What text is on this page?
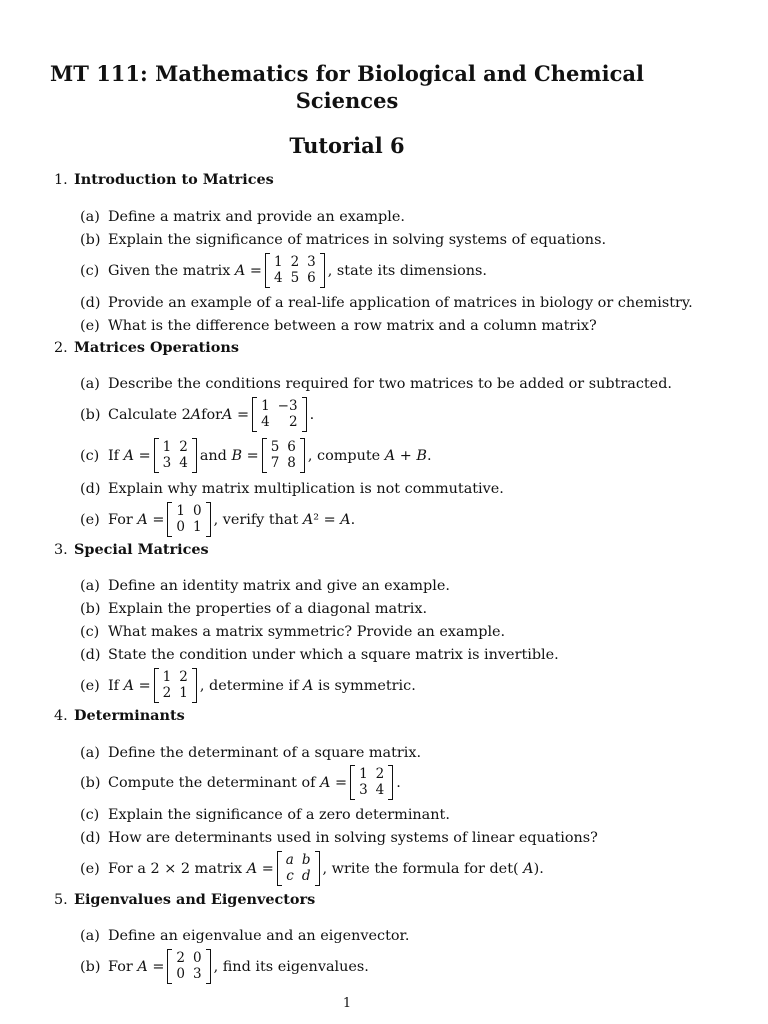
MT 111: Mathematics for Biological and Chemical Sciences
Tutorial 6
1. Introduction to Matrices
(a) Define a matrix and provide an example.
(b) Explain the significance of matrices in solving systems of equations.
(c) Given the matrix
A
=
1	2	3
4	5	6 , state its dimensions.
(d) Provide an example of a real-life application of matrices in biology or chemistry.
(e) What is the difference between a row matrix and a column matrix?
2. Matrices Operations
(a) Describe the conditions required for two matrices to be added or subtracted.
(b) Calculate 2 A for A
=
1	−3
4	2 .
(c) If
A
=
1	2
3	4 and
B
=
5	6
7	8 , compute
A + B.
(d) Explain why matrix multiplication is not commutative.
(e) For
A
=
1	0
0	1 , verify that
A² = A.
3. Special Matrices
(a) Define an identity matrix and give an example.
(b) Explain the properties of a diagonal matrix.
(c) What makes a matrix symmetric? Provide an example.
(d) State the condition under which a square matrix is invertible.
(e) If
A
=
1	2
2	1 , determine if
A
is symmetric.
4. Determinants
(a) Define the determinant of a square matrix.
(b) Compute the determinant of
A
=
1	2
3	4 .
(c) Explain the significance of a zero determinant.
(d) How are determinants used in solving systems of linear equations?
(e) For a 2 × 2 matrix
A
=
a	b
c	d , write the formula for det(
A ).
5. Eigenvalues and Eigenvectors
(a) Define an eigenvalue and an eigenvector.
(b) For
A
=
2	0
0	3 , find its eigenvalues.
1
